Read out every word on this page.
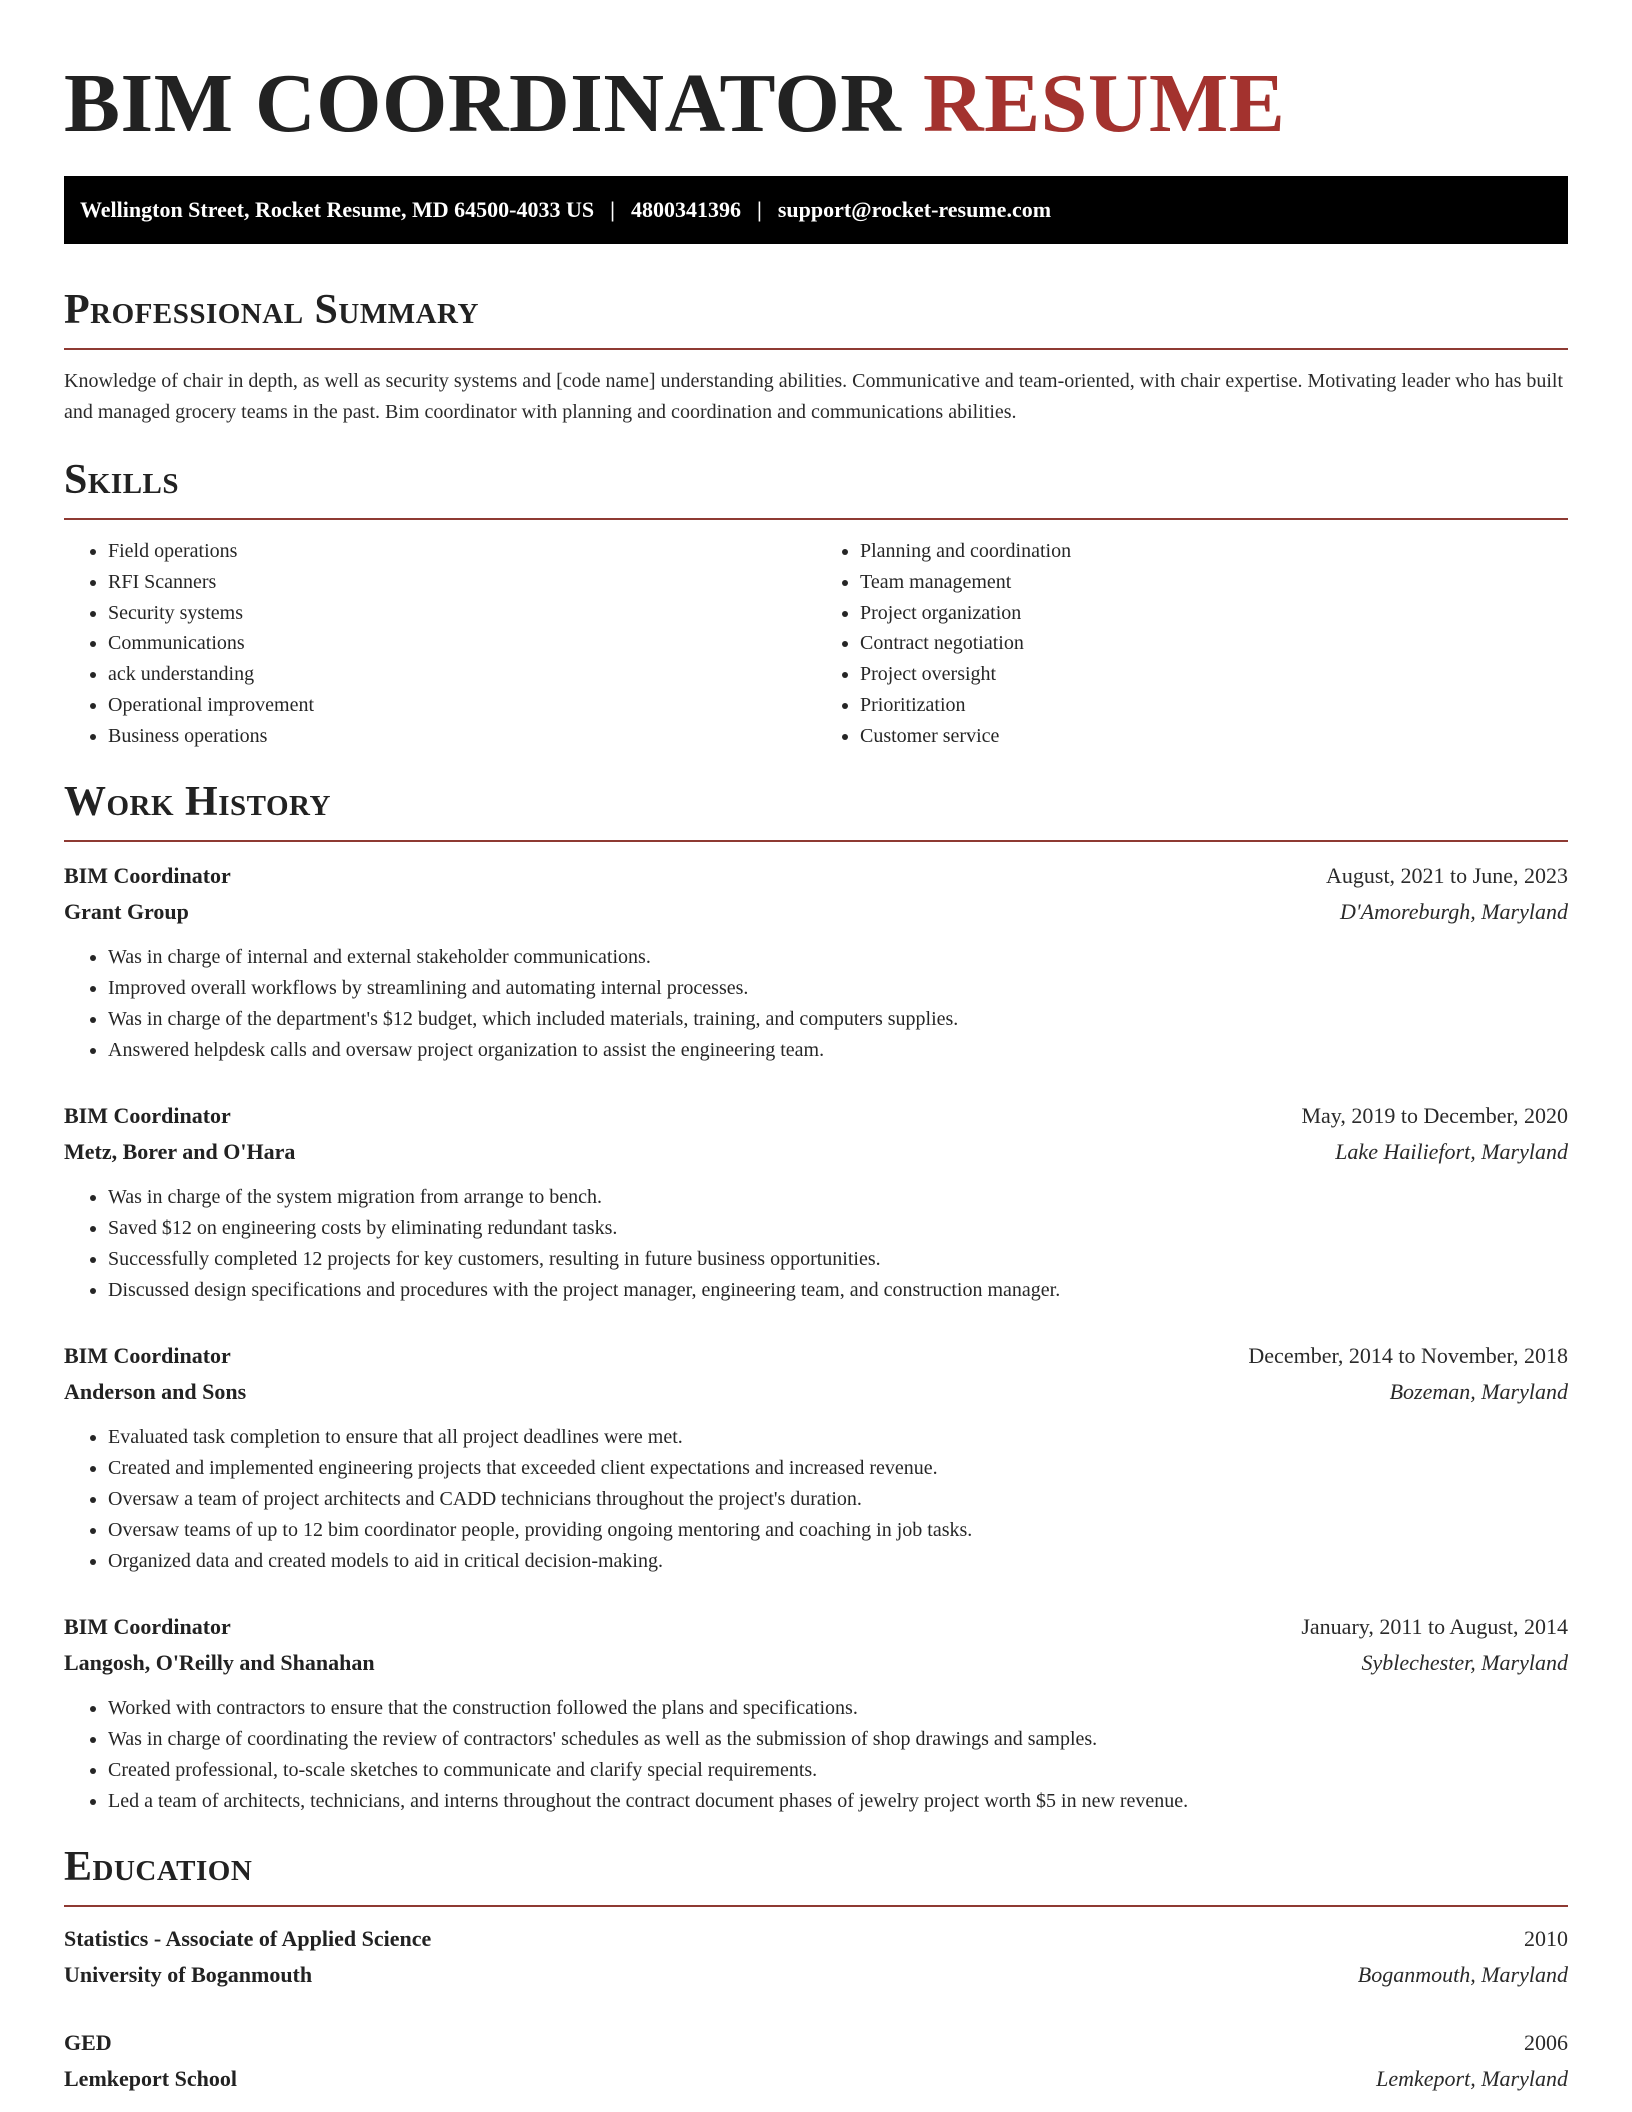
BIM COORDINATOR RESUME
Wellington Street, Rocket Resume, MD 64500-4033 US | 4800341396 | support@rocket-resume.com
Professional Summary

Knowledge of chair in depth, as well as security systems and [code name] understanding abilities. Communicative and team-oriented, with chair expertise. Motivating leader who has built and managed grocery teams in the past. Bim coordinator with planning and coordination and communications abilities.

Skills
• Field operations
• RFI Scanners
• Security systems
• Communications
• ack understanding
• Operational improvement
• Business operations
• Planning and coordination
• Team management
• Project organization
• Contract negotiation
• Project oversight
• Prioritization
• Customer service
Work History
BIM Coordinator	August, 2021 to June, 2023
Grant Group	D'Amoreburgh, Maryland
• Was in charge of internal and external stakeholder communications.
• Improved overall workflows by streamlining and automating internal processes.
• Was in charge of the department's $12 budget, which included materials, training, and computers supplies.
• Answered helpdesk calls and oversaw project organization to assist the engineering team.
BIM Coordinator	May, 2019 to December, 2020
Metz, Borer and O'Hara	Lake Hailiefort, Maryland
• Was in charge of the system migration from arrange to bench.
• Saved $12 on engineering costs by eliminating redundant tasks.
• Successfully completed 12 projects for key customers, resulting in future business opportunities.
• Discussed design specifications and procedures with the project manager, engineering team, and construction manager.
BIM Coordinator	December, 2014 to November, 2018
Anderson and Sons	Bozeman, Maryland
• Evaluated task completion to ensure that all project deadlines were met.
• Created and implemented engineering projects that exceeded client expectations and increased revenue.
• Oversaw a team of project architects and CADD technicians throughout the project's duration.
• Oversaw teams of up to 12 bim coordinator people, providing ongoing mentoring and coaching in job tasks.
• Organized data and created models to aid in critical decision-making.
BIM Coordinator	January, 2011 to August, 2014
Langosh, O'Reilly and Shanahan	Syblechester, Maryland
• Worked with contractors to ensure that the construction followed the plans and specifications.
• Was in charge of coordinating the review of contractors' schedules as well as the submission of shop drawings and samples.
• Created professional, to-scale sketches to communicate and clarify special requirements.
• Led a team of architects, technicians, and interns throughout the contract document phases of jewelry project worth $5 in new revenue.
Education
Statistics - Associate of Applied Science	2010
University of Boganmouth	Boganmouth, Maryland
GED	2006
Lemkeport School	Lemkeport, Maryland
